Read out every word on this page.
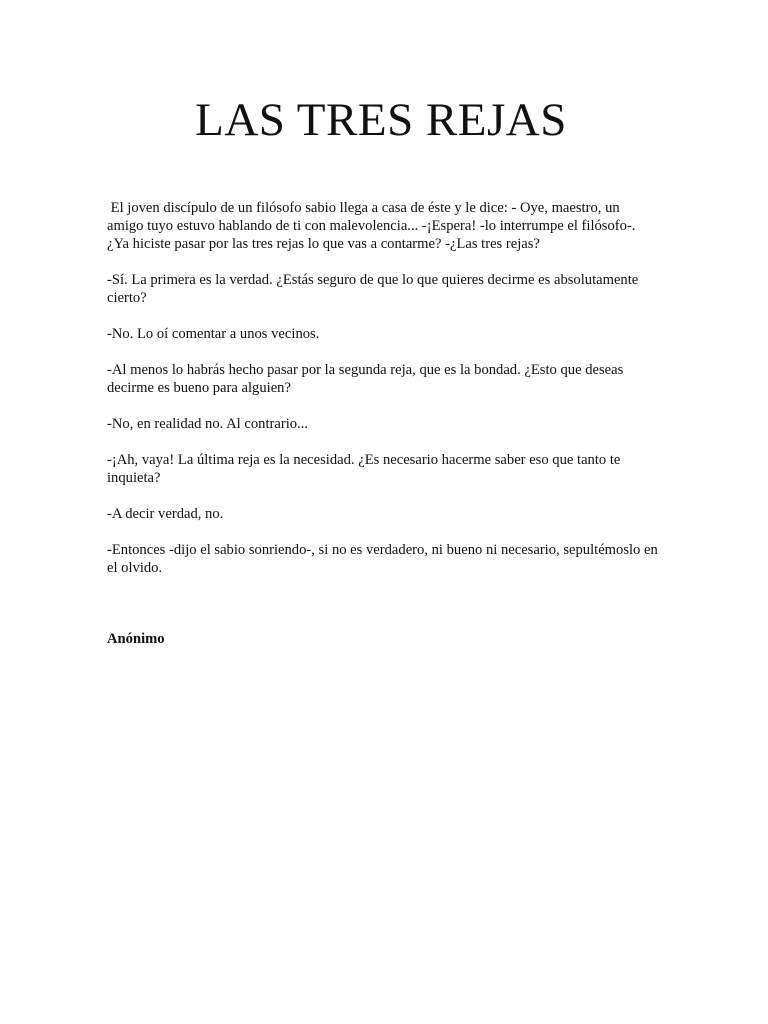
LAS TRES REJAS

El joven discípulo de un filósofo sabio llega a casa de éste y le dice: - Oye, maestro, un amigo tuyo estuvo hablando de ti con malevolencia... -¡Espera! -lo interrumpe el filósofo-. ¿Ya hiciste pasar por las tres rejas lo que vas a contarme? -¿Las tres rejas?

-Sí. La primera es la verdad. ¿Estás seguro de que lo que quieres decirme es absolutamente cierto?

-No. Lo oí comentar a unos vecinos.

-Al menos lo habrás hecho pasar por la segunda reja, que es la bondad. ¿Esto que deseas decirme es bueno para alguien?

-No, en realidad no. Al contrario...

-¡Ah, vaya! La última reja es la necesidad. ¿Es necesario hacerme saber eso que tanto te inquieta?

-A decir verdad, no.

-Entonces -dijo el sabio sonriendo-, si no es verdadero, ni bueno ni necesario, sepultémoslo en el olvido.

Anónimo
